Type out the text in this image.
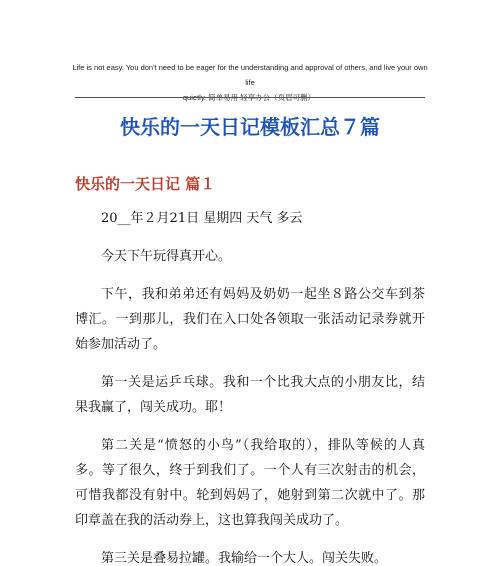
Life is not easy. You don't need to be eager for the understanding and approval of others, and live your own life
quietly. 简单易用 轻享办公（页眉可删）
快乐的一天日记模板汇总７篇
快乐的一天日记 篇１

20__年２月21日 星期四 天气 多云

今天下午玩得真开心。

下午，我和弟弟还有妈妈及奶奶一起坐８路公交车到茶博汇。一到那儿，我们在入口处各领取一张活动记录券就开始参加活动了。

第一关是运乒乓球。我和一个比我大点的小朋友比，结果我赢了，闯关成功。耶！

第二关是“愤怒的小鸟”（我给取的），排队等候的人真多。等了很久，终于到我们了。一个人有三次射击的机会，可惜我都没有射中。轮到妈妈了，她射到第二次就中了。那印章盖在我的活动券上，这也算我闯关成功了。

第三关是叠易拉罐。我输给一个大人。闯关失败。
